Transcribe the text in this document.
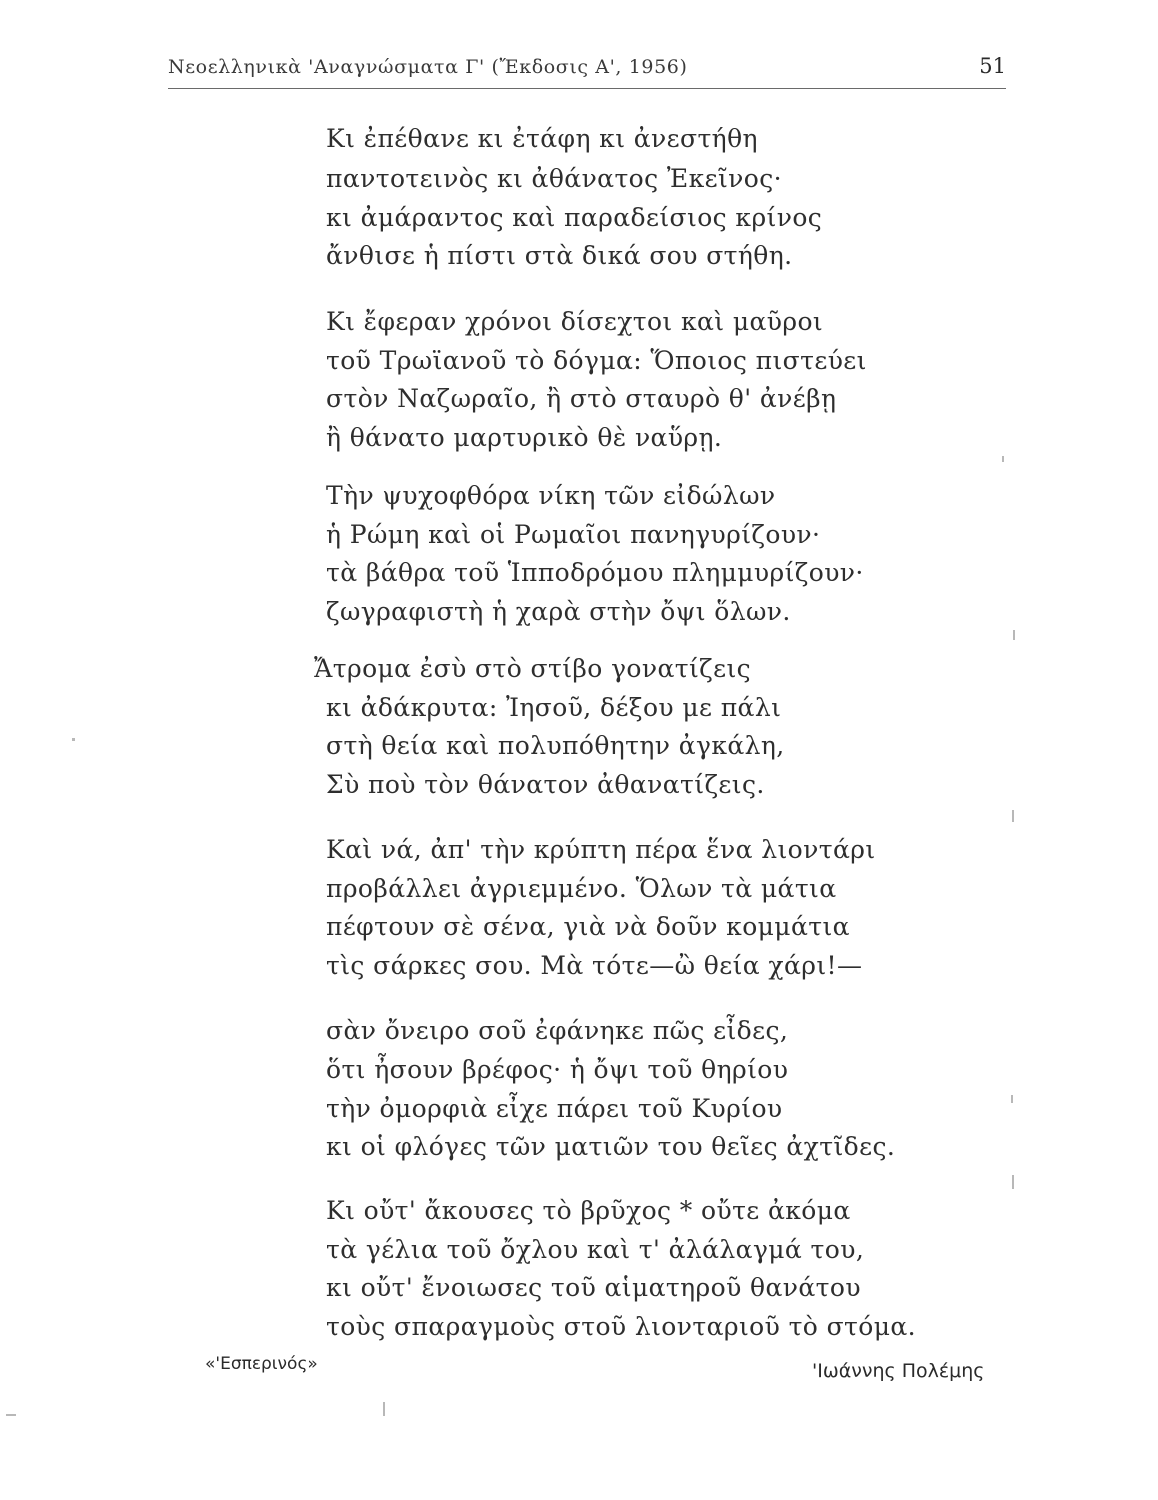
Νεοελληνικὰ 'Αναγνώσματα Γ' (Ἔκδοσις Α', 1956)	51
Κι ἐπέθανε κι ἐτάφη κι ἀνεστήθη
παντοτεινὸς κι ἀθάνατος Ἐκεῖνος·
κι ἀμάραντος καὶ παραδείσιος κρίνος
ἄνθισε ἡ πίστι στὰ δικά σου στήθη.
Κι ἔφεραν χρόνοι δίσεχτοι καὶ μαῦροι
τοῦ Τρωϊανοῦ τὸ δόγμα: Ὅποιος πιστεύει
στὸν Ναζωραῖο, ἢ στὸ σταυρὸ θ' ἀνέβῃ
ἢ θάνατο μαρτυρικὸ θὲ ναὕρῃ.
Τὴν ψυχοφθόρα νίκη τῶν εἰδώλων
ἡ Ρώμη καὶ οἱ Ρωμαῖοι πανηγυρίζουν·
τὰ βάθρα τοῦ Ἱπποδρόμου πλημμυρίζουν·
ζωγραφιστὴ ἡ χαρὰ στὴν ὄψι ὅλων.
Ἄτρομα ἐσὺ στὸ στίβο γονατίζεις
κι ἀδάκρυτα: Ἰησοῦ, δέξου με πάλι
στὴ θεία καὶ πολυπόθητην ἀγκάλη,
Σὺ ποὺ τὸν θάνατον ἀθανατίζεις.
Καὶ νά, ἀπ' τὴν κρύπτη πέρα ἕνα λιοντάρι
προβάλλει ἀγριεμμένο. Ὅλων τὰ μάτια
πέφτουν σὲ σένα, γιὰ νὰ δοῦν κομμάτια
τὶς σάρκες σου. Μὰ τότε—ὢ θεία χάρι!—
σὰν ὄνειρο σοῦ ἐφάνηκε πῶς εἶδες,
ὅτι ἦσουν βρέφος· ἡ ὄψι τοῦ θηρίου
τὴν ὀμορφιὰ εἶχε πάρει τοῦ Κυρίου
κι οἱ φλόγες τῶν ματιῶν του θεῖες ἀχτῖδες.
Κι οὔτ' ἄκουσες τὸ βρῦχος * οὔτε ἀκόμα
τὰ γέλια τοῦ ὄχλου καὶ τ' ἀλάλαγμά του,
κι οὔτ' ἔνοιωσες τοῦ αἱματηροῦ θανάτου
τοὺς σπαραγμοὺς στοῦ λιονταριοῦ τὸ στόμα.
«'Εσπερινός»	'Ιωάννης Πολέμης
